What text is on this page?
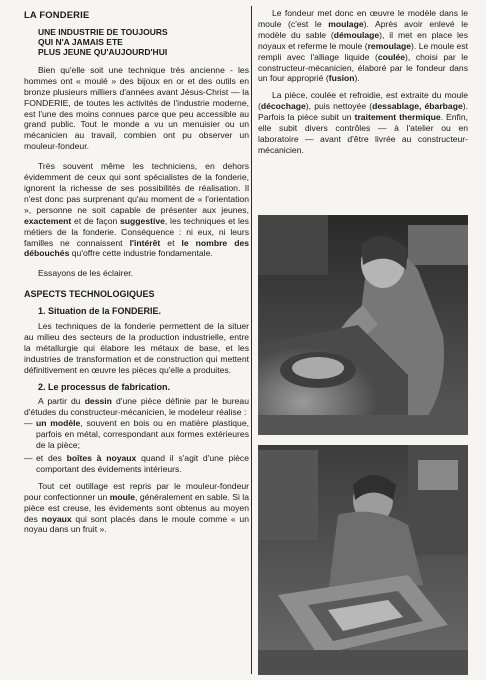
LA FONDERIE
UNE INDUSTRIE DE TOUJOURS
QUI N'A JAMAIS ETE
PLUS JEUNE QU'AUJOURD'HUI

Bien qu'elle soit une technique très ancienne - les hommes ont « moulé » des bijoux en or et des outils en bronze plusieurs milliers d'années avant Jésus-Christ — la FONDERIE, de toutes les activités de l'industrie moderne, est l'une des moins connues parce que peu accessible au grand public. Tout le monde a vu un menuisier ou un mécanicien au travail, combien ont pu observer un mouleur-fondeur.

Très souvent même les techniciens, en dehors évidemment de ceux qui sont spécialistes de la fonderie, ignorent la richesse de ses possibilités de réalisation. Il n'est donc pas surprenant qu'au moment de « l'orientation », personne ne soit capable de présenter aux jeunes, exactement et de façon suggestive, les techniques et les métiers de la fonderie. Conséquence : ni eux, ni leurs familles ne connaissent l'intérêt et le nombre des débouchés qu'offre cette industrie fondamentale.

Essayons de les éclairer.

ASPECTS TECHNOLOGIQUES
1. Situation de la FONDERIE.

Les techniques de la fonderie permettent de la situer au milieu des secteurs de la production industrielle, entre la métallurgie qui élabore les métaux de base, et les industries de transformation et de construction qui mettent définitivement en œuvre les pièces qu'elle a produites.

2. Le processus de fabrication.

A partir du dessin d'une pièce définie par le bureau d'études du constructeur-mécanicien, le modeleur réalise :

— un modèle, souvent en bois ou en matière plastique, parfois en métal, correspondant aux formes extérieures de la pièce;
— et des boîtes à noyaux quand il s'agit d'une pièce comportant des évidements intérieurs.

Tout cet outillage est repris par le mouleur-fondeur pour confectionner un moule, généralement en sable. Si la pièce est creuse, les évidements sont obtenus au moyen des noyaux qui sont placés dans le moule comme « un noyau dans un fruit ».

Le fondeur met donc en œuvre le modèle dans le moule (c'est le moulage). Après avoir enlevé le modèle du sable (démoulage), il met en place les noyaux et referme le moule (remoulage). Le moule est rempli avec l'alliage liquide (coulée), choisi par le constructeur-mécanicien, élaboré par le fondeur dans un four approprié (fusion).

La pièce, coulée et refroidie, est extraite du moule (décochage), puis nettoyée (dessablage, ébarbage). Parfois la pièce subit un traitement thermique. Enfin, elle subit divers contrôles — à l'atelier ou en laboratoire — avant d'être livrée au constructeur-mécanicien.
